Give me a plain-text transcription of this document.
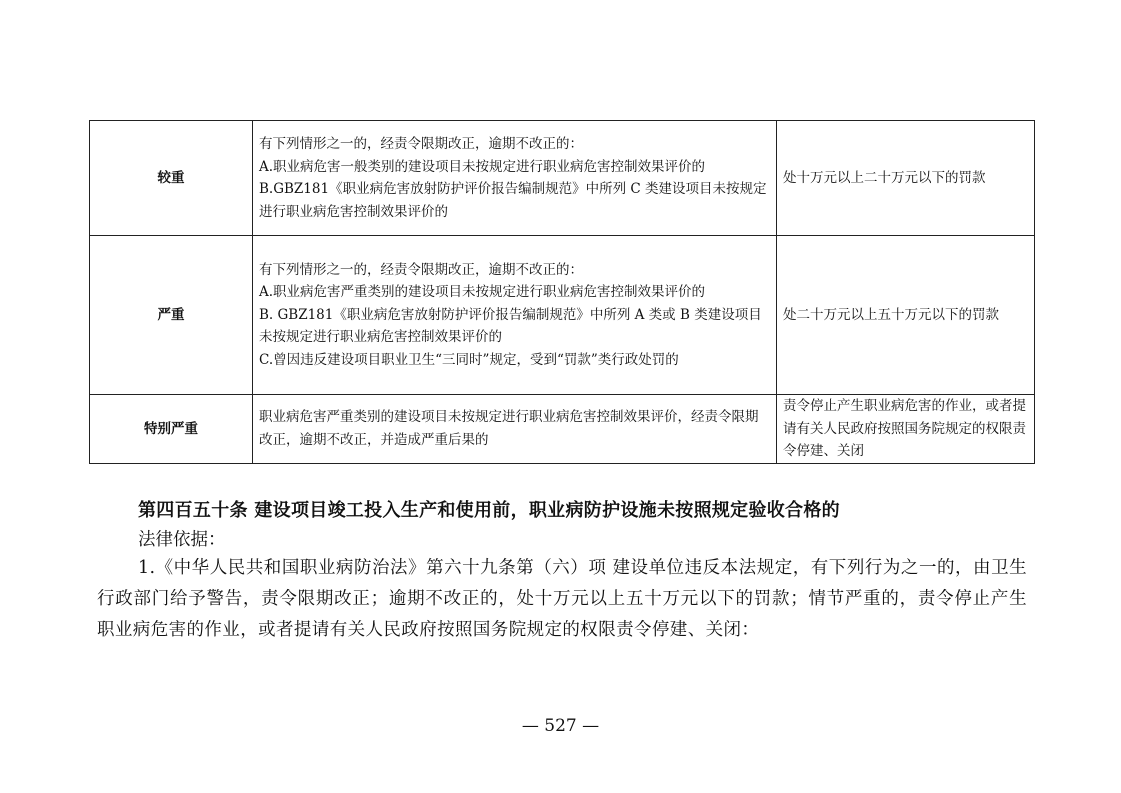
较重	有下列情形之一的，经责令限期改正，逾期不改正的：
A.职业病危害一般类别的建设项目未按规定进行职业病危害控制效果评价的
B.GBZ181《职业病危害放射防护评价报告编制规范》中所列 C 类建设项目未按规定进行职业病危害控制效果评价的	处十万元以上二十万元以下的罚款
严重	有下列情形之一的，经责令限期改正，逾期不改正的：
A.职业病危害严重类别的建设项目未按规定进行职业病危害控制效果评价的
B. GBZ181《职业病危害放射防护评价报告编制规范》中所列 A 类或 B 类建设项目未按规定进行职业病危害控制效果评价的
C.曾因违反建设项目职业卫生“三同时”规定，受到“罚款”类行政处罚的	处二十万元以上五十万元以下的罚款
特别严重	职业病危害严重类别的建设项目未按规定进行职业病危害控制效果评价，经责令限期改正，逾期不改正，并造成严重后果的	责令停止产生职业病危害的作业，或者提请有关人民政府按照国务院规定的权限责令停建、关闭
第四百五十条 建设项目竣工投入生产和使用前，职业病防护设施未按照规定验收合格的
法律依据：
1.《中华人民共和国职业病防治法》第六十九条第（六）项 建设单位违反本法规定，有下列行为之一的，由卫生行政部门给予警告，责令限期改正；逾期不改正的，处十万元以上五十万元以下的罚款；情节严重的，责令停止产生职业病危害的作业，或者提请有关人民政府按照国务院规定的权限责令停建、关闭：
— 527 —
